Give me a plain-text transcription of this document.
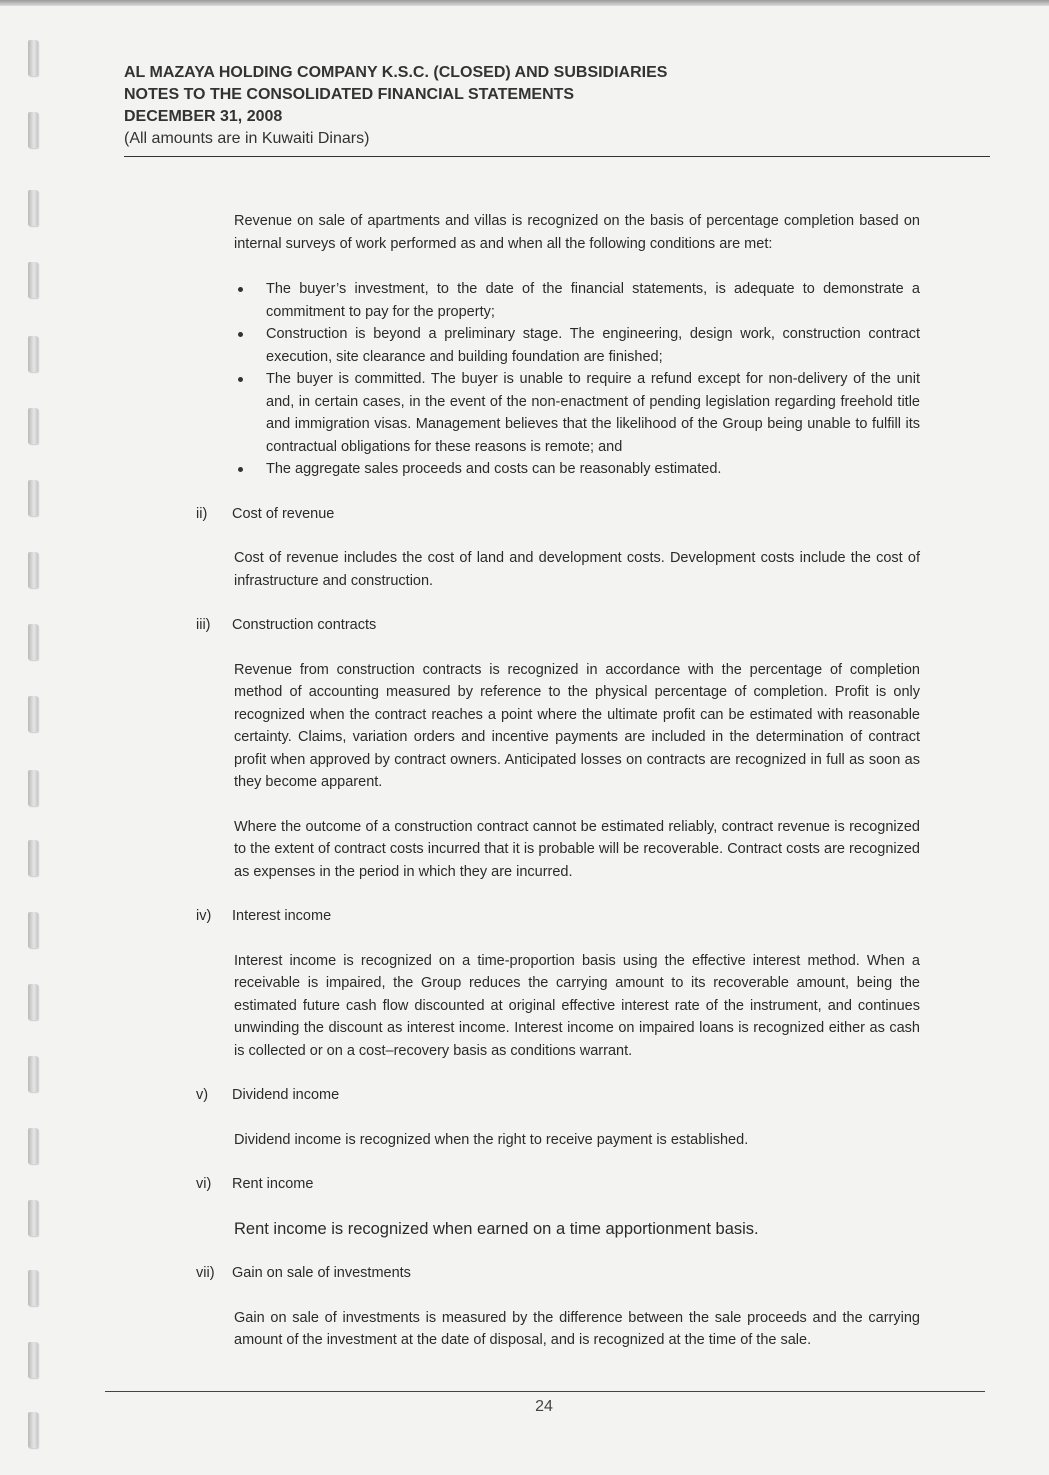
AL MAZAYA HOLDING COMPANY K.S.C. (CLOSED) AND SUBSIDIARIES
NOTES TO THE CONSOLIDATED FINANCIAL STATEMENTS
DECEMBER 31, 2008
(All amounts are in Kuwaiti Dinars)

Revenue on sale of apartments and villas is recognized on the basis of percentage completion based on internal surveys of work performed as and when all the following conditions are met:

The buyer’s investment, to the date of the financial statements, is adequate to demonstrate a commitment to pay for the property;
Construction is beyond a preliminary stage. The engineering, design work, construction contract execution, site clearance and building foundation are finished;
The buyer is committed. The buyer is unable to require a refund except for non-delivery of the unit and, in certain cases, in the event of the non-enactment of pending legislation regarding freehold title and immigration visas. Management believes that the likelihood of the Group being unable to fulfill its contractual obligations for these reasons is remote; and
The aggregate sales proceeds and costs can be reasonably estimated.
ii)	Cost of revenue

Cost of revenue includes the cost of land and development costs. Development costs include the cost of infrastructure and construction.

iii)	Construction contracts

Revenue from construction contracts is recognized in accordance with the percentage of completion method of accounting measured by reference to the physical percentage of completion. Profit is only recognized when the contract reaches a point where the ultimate profit can be estimated with reasonable certainty. Claims, variation orders and incentive payments are included in the determination of contract profit when approved by contract owners. Anticipated losses on contracts are recognized in full as soon as they become apparent.

Where the outcome of a construction contract cannot be estimated reliably, contract revenue is recognized to the extent of contract costs incurred that it is probable will be recoverable. Contract costs are recognized as expenses in the period in which they are incurred.

iv)	Interest income

Interest income is recognized on a time-proportion basis using the effective interest method. When a receivable is impaired, the Group reduces the carrying amount to its recoverable amount, being the estimated future cash flow discounted at original effective interest rate of the instrument, and continues unwinding the discount as interest income. Interest income on impaired loans is recognized either as cash is collected or on a cost–recovery basis as conditions warrant.

v)	Dividend income

Dividend income is recognized when the right to receive payment is established.

vi)	Rent income

Rent income is recognized when earned on a time apportionment basis.

vii)	Gain on sale of investments

Gain on sale of investments is measured by the difference between the sale proceeds and the carrying amount of the investment at the date of disposal, and is recognized at the time of the sale.

24
